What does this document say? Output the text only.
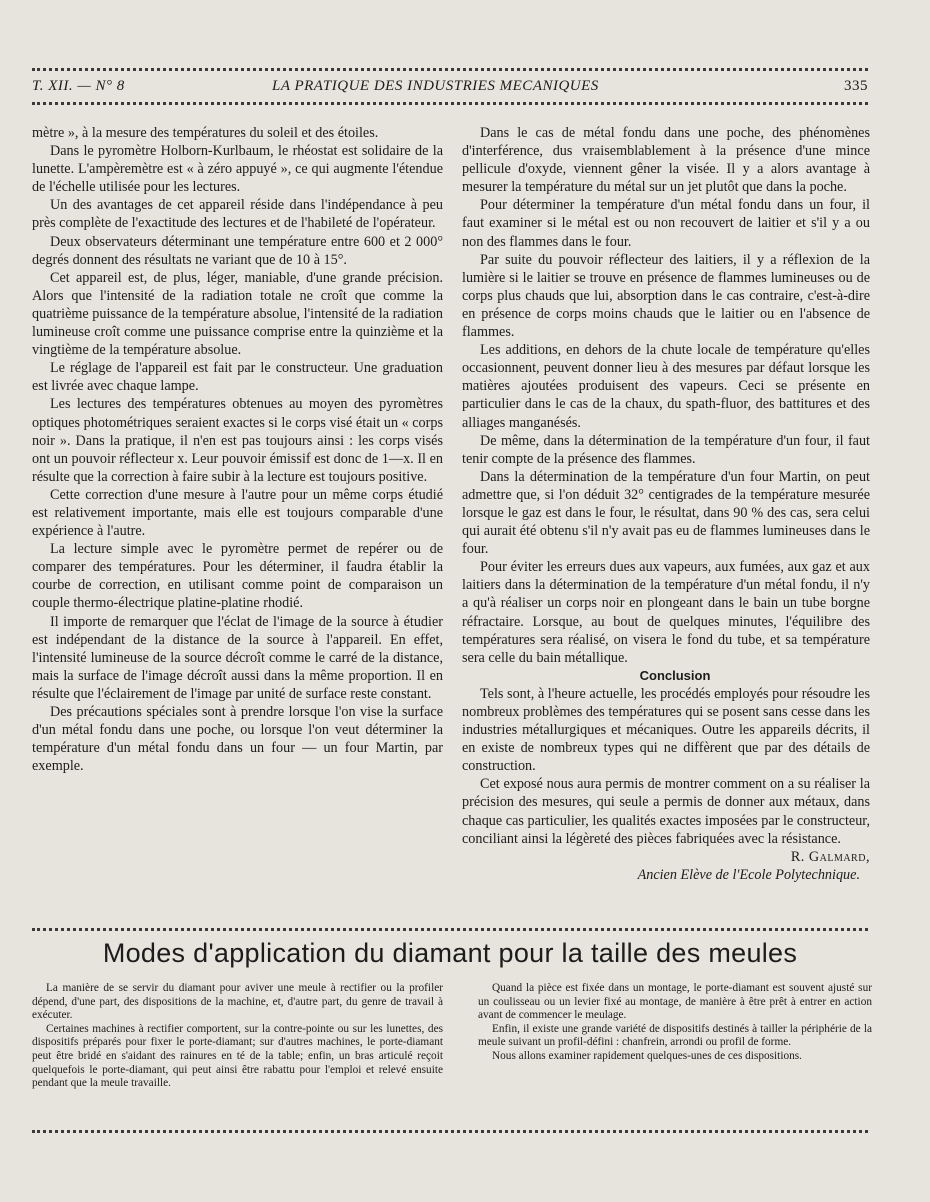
T. XII. — N° 8	LA PRATIQUE DES INDUSTRIES MECANIQUES	335

mètre », à la mesure des températures du soleil et des étoiles.

Dans le pyromètre Holborn-Kurlbaum, le rhéostat est solidaire de la lunette. L'ampèremètre est « à zéro appuyé », ce qui augmente l'étendue de l'échelle utilisée pour les lectures.

Un des avantages de cet appareil réside dans l'indépendance à peu près complète de l'exactitude des lectures et de l'habileté de l'opérateur.

Deux observateurs déterminant une température entre 600 et 2 000° degrés donnent des résultats ne variant que de 10 à 15°.

Cet appareil est, de plus, léger, maniable, d'une grande précision. Alors que l'intensité de la radiation totale ne croît que comme la quatrième puissance de la température absolue, l'intensité de la radiation lumineuse croît comme une puissance comprise entre la quinzième et la vingtième de la température absolue.

Le réglage de l'appareil est fait par le constructeur. Une graduation est livrée avec chaque lampe.

Les lectures des températures obtenues au moyen des pyromètres optiques photométriques seraient exactes si le corps visé était un « corps noir ». Dans la pratique, il n'en est pas toujours ainsi : les corps visés ont un pouvoir réflecteur x. Leur pouvoir émissif est donc de 1—x. Il en résulte que la correction à faire subir à la lecture est toujours positive.

Cette correction d'une mesure à l'autre pour un même corps étudié est relativement importante, mais elle est toujours comparable d'une expérience à l'autre.

La lecture simple avec le pyromètre permet de repérer ou de comparer des températures. Pour les déterminer, il faudra établir la courbe de correction, en utilisant comme point de comparaison un couple thermo-électrique platine-platine rhodié.

Il importe de remarquer que l'éclat de l'image de la source à étudier est indépendant de la distance de la source à l'appareil. En effet, l'intensité lumineuse de la source décroît comme le carré de la distance, mais la surface de l'image décroît aussi dans la même proportion. Il en résulte que l'éclairement de l'image par unité de surface reste constant.

Des précautions spéciales sont à prendre lorsque l'on vise la surface d'un métal fondu dans une poche, ou lorsque l'on veut déterminer la température d'un métal fondu dans un four — un four Martin, par exemple.

Dans le cas de métal fondu dans une poche, des phénomènes d'interférence, dus vraisemblablement à la présence d'une mince pellicule d'oxyde, viennent gêner la visée. Il y a alors avantage à mesurer la température du métal sur un jet plutôt que dans la poche.

Pour déterminer la température d'un métal fondu dans un four, il faut examiner si le métal est ou non recouvert de laitier et s'il y a ou non des flammes dans le four.

Par suite du pouvoir réflecteur des laitiers, il y a réflexion de la lumière si le laitier se trouve en présence de flammes lumineuses ou de corps plus chauds que lui, absorption dans le cas contraire, c'est-à-dire en présence de corps moins chauds que le laitier ou en l'absence de flammes.

Les additions, en dehors de la chute locale de température qu'elles occasionnent, peuvent donner lieu à des mesures par défaut lorsque les matières ajoutées produisent des vapeurs. Ceci se présente en particulier dans le cas de la chaux, du spath-fluor, des battitures et des alliages manganésés.

De même, dans la détermination de la température d'un four, il faut tenir compte de la présence des flammes.

Dans la détermination de la température d'un four Martin, on peut admettre que, si l'on déduit 32° centigrades de la température mesurée lorsque le gaz est dans le four, le résultat, dans 90 % des cas, sera celui qui aurait été obtenu s'il n'y avait pas eu de flammes lumineuses dans le four.

Pour éviter les erreurs dues aux vapeurs, aux fumées, aux gaz et aux laitiers dans la détermination de la température d'un métal fondu, il n'y a qu'à réaliser un corps noir en plongeant dans le bain un tube borgne réfractaire. Lorsque, au bout de quelques minutes, l'équilibre des températures sera réalisé, on visera le fond du tube, et sa température sera celle du bain métallique.

Conclusion

Tels sont, à l'heure actuelle, les procédés employés pour résoudre les nombreux problèmes des températures qui se posent sans cesse dans les industries métallurgiques et mécaniques. Outre les appareils décrits, il en existe de nombreux types qui ne diffèrent que par des détails de construction.

Cet exposé nous aura permis de montrer comment on a su réaliser la précision des mesures, qui seule a permis de donner aux métaux, dans chaque cas particulier, les qualités exactes imposées par le constructeur, conciliant ainsi la légèreté des pièces fabriquées avec la résistance.

R. Galmard,

Ancien Elève de l'Ecole Polytechnique.

Modes d'application du diamant pour la taille des meules

La manière de se servir du diamant pour aviver une meule à rectifier ou la profiler dépend, d'une part, des dispositions de la machine, et, d'autre part, du genre de travail à exécuter.

Certaines machines à rectifier comportent, sur la contre-pointe ou sur les lunettes, des dispositifs préparés pour fixer le porte-diamant; sur d'autres machines, le porte-diamant peut être bridé en s'aidant des rainures en té de la table; enfin, un bras articulé reçoit quelquefois le porte-diamant, qui peut ainsi être rabattu pour l'emploi et relevé ensuite pendant que la meule travaille.

Quand la pièce est fixée dans un montage, le porte-diamant est souvent ajusté sur un coulisseau ou un levier fixé au montage, de manière à être prêt à entrer en action avant de commencer le meulage.

Enfin, il existe une grande variété de dispositifs destinés à tailler la périphérie de la meule suivant un profil-défini : chanfrein, arrondi ou profil de forme.

Nous allons examiner rapidement quelques-unes de ces dispositions.
